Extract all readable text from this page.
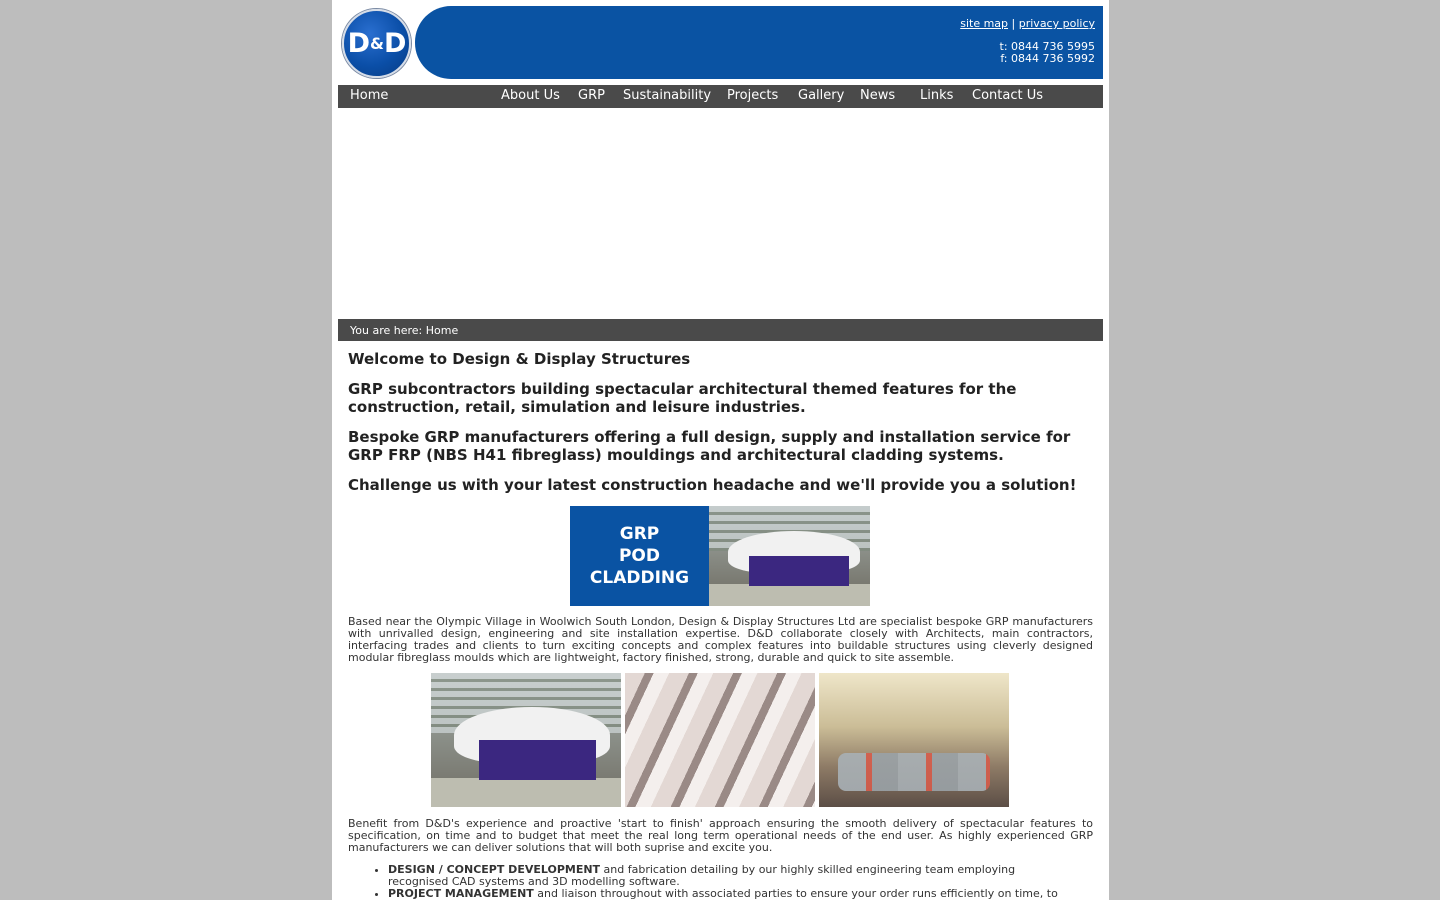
D & D
site map | privacy policy
t: 0844 736 5995
f: 0844 736 5992
Home	About Us GRP Sustainability Projects Gallery News Links Contact Us
You are here: Home
Welcome to Design & Display Structures
GRP subcontractors building spectacular architectural themed features for the construction, retail, simulation and leisure industries.
Bespoke GRP manufacturers offering a full design, supply and installation service for GRP FRP (NBS H41 fibreglass) mouldings and architectural cladding systems.
Challenge us with your latest construction headache and we'll provide you a solution!
GRP
POD
CLADDING

Based near the Olympic Village in Woolwich South London, Design & Display Structures Ltd are specialist bespoke GRP manufacturers with unrivalled design, engineering and site installation expertise. D&D collaborate closely with Architects, main contractors, interfacing trades and clients to turn exciting concepts and complex features into buildable structures using cleverly designed modular fibreglass moulds which are lightweight, factory finished, strong, durable and quick to site assemble.

Benefit from D&D's experience and proactive 'start to finish' approach ensuring the smooth delivery of spectacular features to specification, on time and to budget that meet the real long term operational needs of the end user. As highly experienced GRP manufacturers we can deliver solutions that will both suprise and excite you.

• DESIGN / CONCEPT DEVELOPMENT and fabrication detailing by our highly skilled engineering team employing recognised CAD systems and 3D modelling software.
• PROJECT MANAGEMENT and liaison throughout with associated parties to ensure your order runs efficiently on time, to
